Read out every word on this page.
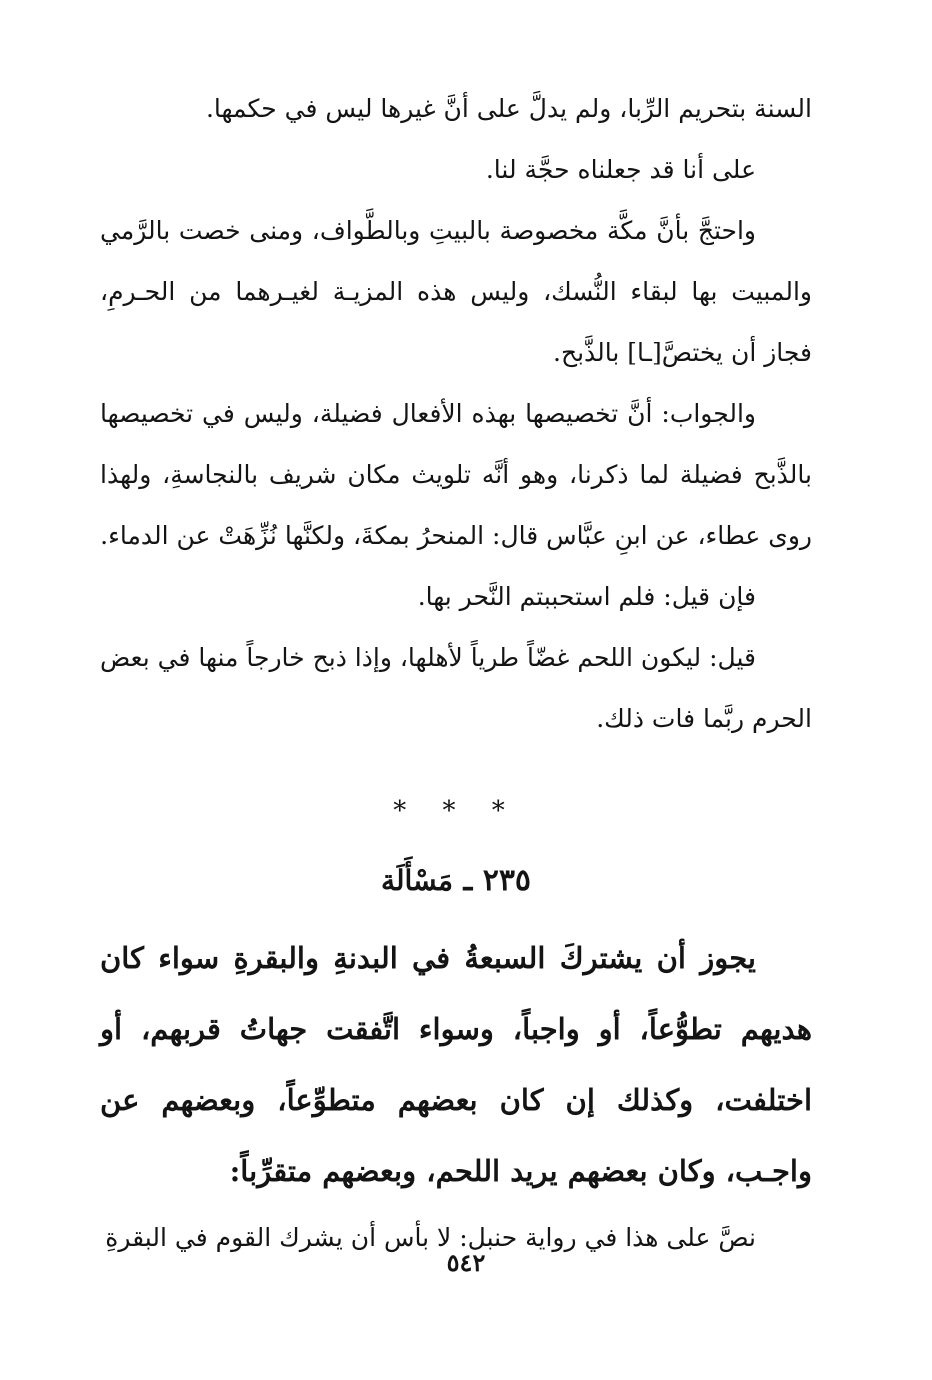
السنة بتحريم الرِّبا، ولم يدلَّ على أنَّ غيرها ليس في حكمها.

على أنا قد جعلناه حجَّة لنا.

واحتجَّ بأنَّ مكَّة مخصوصة بالبيتِ وبالطَّواف، ومنى خصت بالرَّمي والمبيت بها لبقاء النُّسك، وليس هذه المزيـة لغيـرهما من الحـرمِ، فجاز أن يختصَّ[ـا] بالذَّبح.

والجواب: أنَّ تخصيصها بهذه الأفعال فضيلة، وليس في تخصيصها بالذَّبح فضيلة لما ذكرنا، وهو أنَّه تلويث مكان شريف بالنجاسةِ، ولهذا روى عطاء، عن ابنِ عبَّاس قال: المنحرُ بمكةَ، ولكنَّها نُزِّهَتْ عن الدماء.

فإن قيل: فلم استحببتم النَّحر بها.

قيل: ليكون اللحم غضّاً طرياً لأهلها، وإذا ذبح خارجاً منها في بعض الحرم ربَّما فات ذلك.

* * *
٢٣٥ ـ مَسْأَلَة

يجوز أن يشتركَ السبعةُ في البدنةِ والبقرةِ سواء كان هديهم تطوُّعاً، أو واجباً، وسواء اتَّفقت جهاتُ قربهم، أو اختلفت، وكذلك إن كان بعضهم متطوِّعاً، وبعضهم عن واجـب، وكان بعضهم يريد اللحم، وبعضهم متقرِّباً:

نصَّ على هذا في رواية حنبل: لا بأس أن يشرك القوم في البقرةِ

٥٤٢
